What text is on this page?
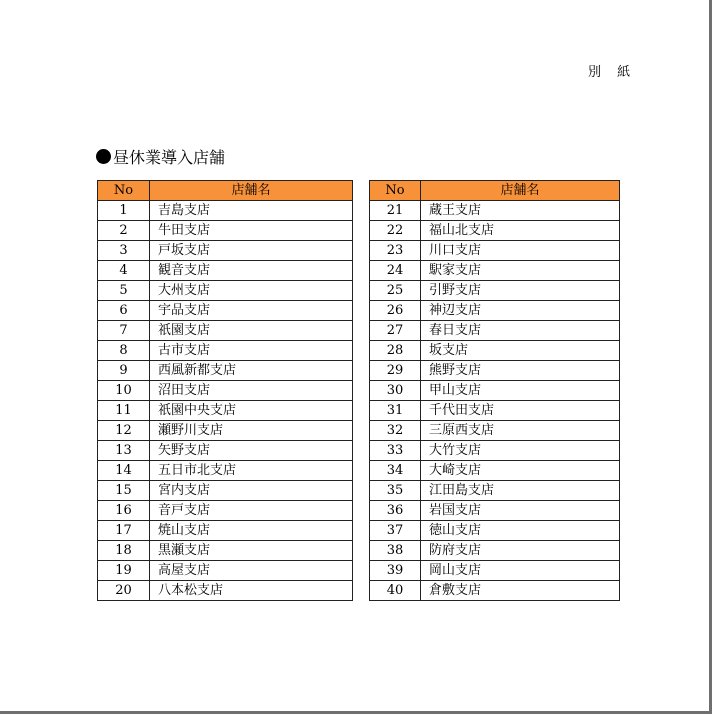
別 紙
昼休業導入店舗
No	店舗名
1	吉島支店
2	牛田支店
3	戸坂支店
4	観音支店
5	大州支店
6	宇品支店
7	祇園支店
8	古市支店
9	西風新都支店
10	沼田支店
11	祇園中央支店
12	瀬野川支店
13	矢野支店
14	五日市北支店
15	宮内支店
16	音戸支店
17	焼山支店
18	黒瀬支店
19	高屋支店
20	八本松支店
No	店舗名
21	蔵王支店
22	福山北支店
23	川口支店
24	駅家支店
25	引野支店
26	神辺支店
27	春日支店
28	坂支店
29	熊野支店
30	甲山支店
31	千代田支店
32	三原西支店
33	大竹支店
34	大崎支店
35	江田島支店
36	岩国支店
37	徳山支店
38	防府支店
39	岡山支店
40	倉敷支店
